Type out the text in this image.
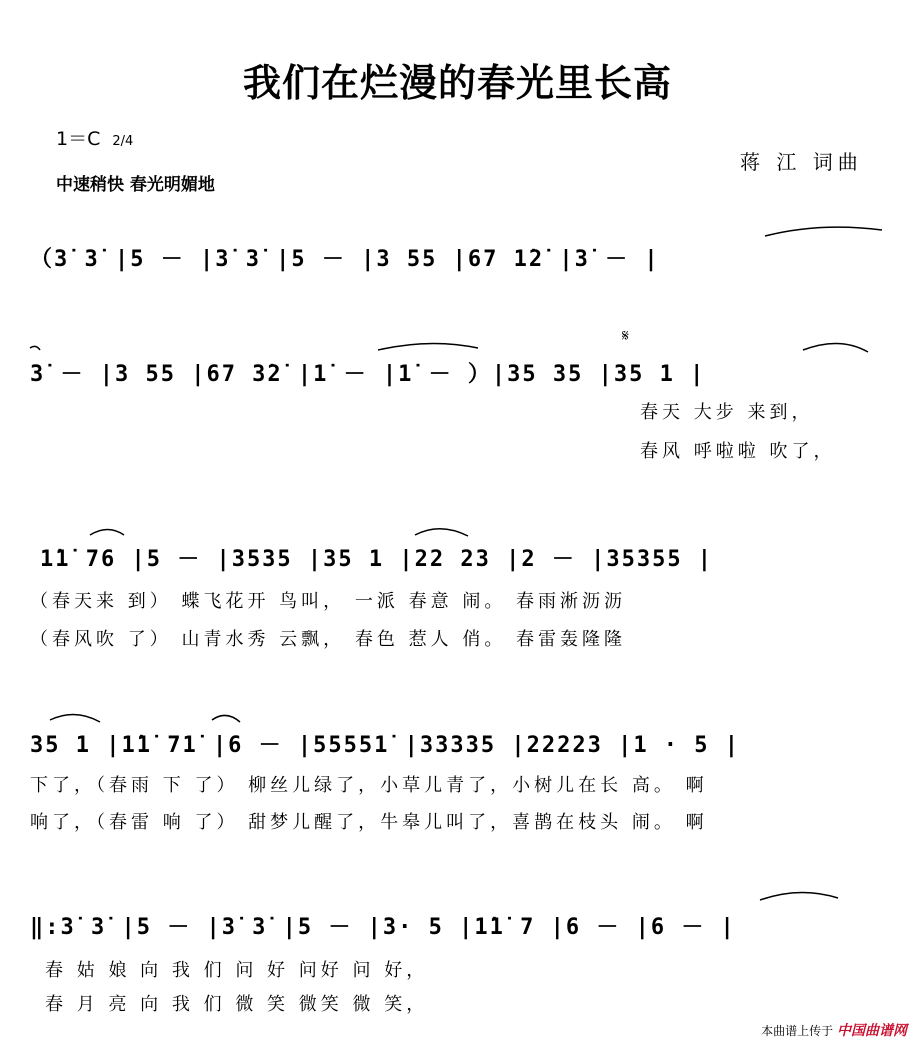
我们在烂漫的春光里长高
1＝C 2/4
中速稍快 春光明媚地
蒋 江 词曲
（3̇ 3̇ |5 － |3̇ 3̇ |5 － |3 55 |67 1̇2̇ |3̇ － |
𝄋
3̇ － |3 55 |67 3̇2̇ |1̇ － |1̇ － ）|35 35 |35 1 |
春天 大步 来到，
春风 呼啦啦 吹了，
1̇1̇ 76 |5 － |3535 |35 1 |22 23 |2 － |35355 |
（春天来 到） 蝶飞花开 鸟叫， 一派 春意 闹。 春雨淅沥沥
（春风吹 了） 山青水秀 云飘， 春色 惹人 俏。 春雷轰隆隆
35 1 |1̇1̇ 71̇ |6 － |55551̇ |33335 |22223 |1 · 5 |
下了，（春雨 下 了） 柳丝儿绿了，小草儿青了，小树儿在长 高。 啊
响了，（春雷 响 了） 甜梦儿醒了，牛皋儿叫了，喜鹊在枝头 闹。 啊
‖:3̇ 3̇ |5 － |3̇ 3̇ |5 － |3· 5 |1̇1̇ 7 |6 － |6 － |
春 姑 娘 向 我 们 问 好 问好 问 好，
春 月 亮 向 我 们 微 笑 微笑 微 笑，
本曲谱上传于 中国曲谱网
